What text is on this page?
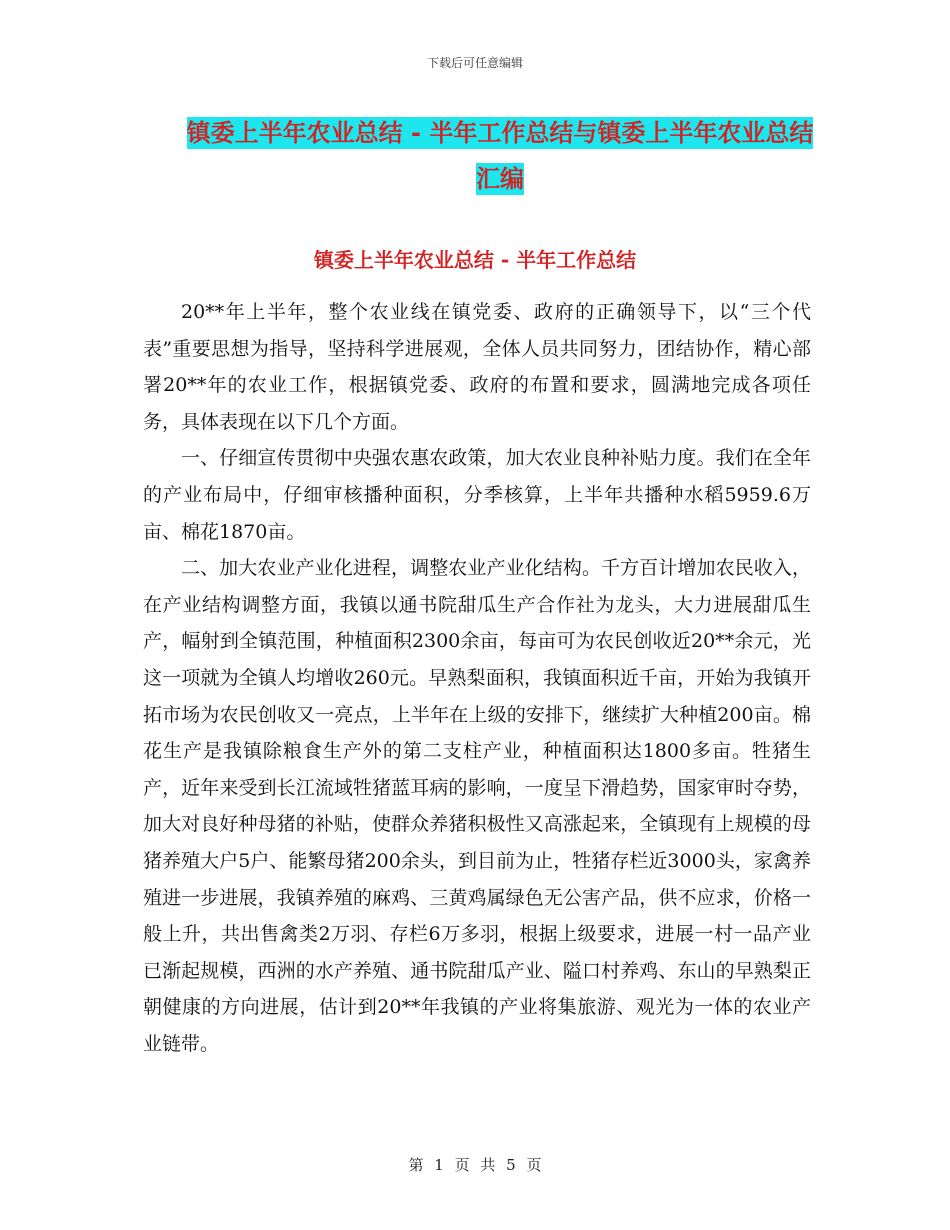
下载后可任意编辑
镇委上半年农业总结 - 半年工作总结与镇委上半年农业总结汇编
镇委上半年农业总结 - 半年工作总结

20**年上半年，整个农业线在镇党委、政府的正确领导下，以“三个代表”重要思想为指导，坚持科学进展观，全体人员共同努力，团结协作，精心部署20**年的农业工作，根据镇党委、政府的布置和要求，圆满地完成各项任务，具体表现在以下几个方面。

一、仔细宣传贯彻中央强农惠农政策，加大农业良种补贴力度。我们在全年的产业布局中，仔细审核播种面积，分季核算，上半年共播种水稻5959.6万亩、棉花1870亩。

二、加大农业产业化进程，调整农业产业化结构。千方百计增加农民收入，在产业结构调整方面，我镇以通书院甜瓜生产合作社为龙头，大力进展甜瓜生产，幅射到全镇范围，种植面积2300余亩，每亩可为农民创收近20**余元，光这一项就为全镇人均增收260元。早熟梨面积，我镇面积近千亩，开始为我镇开拓市场为农民创收又一亮点，上半年在上级的安排下，继续扩大种植200亩。棉花生产是我镇除粮食生产外的第二支柱产业，种植面积达1800多亩。牲猪生产，近年来受到长江流域牲猪蓝耳病的影响，一度呈下滑趋势，国家审时夺势，加大对良好种母猪的补贴，使群众养猪积极性又高涨起来，全镇现有上规模的母猪养殖大户5户、能繁母猪200余头，到目前为止，牲猪存栏近3000头，家禽养殖进一步进展，我镇养殖的麻鸡、三黄鸡属绿色无公害产品，供不应求，价格一般上升，共出售禽类2万羽、存栏6万多羽，根据上级要求，进展一村一品产业已渐起规模，西洲的水产养殖、通书院甜瓜产业、隘口村养鸡、东山的早熟梨正朝健康的方向进展，估计到20**年我镇的产业将集旅游、观光为一体的农业产业链带。

第 1 页 共 5 页
